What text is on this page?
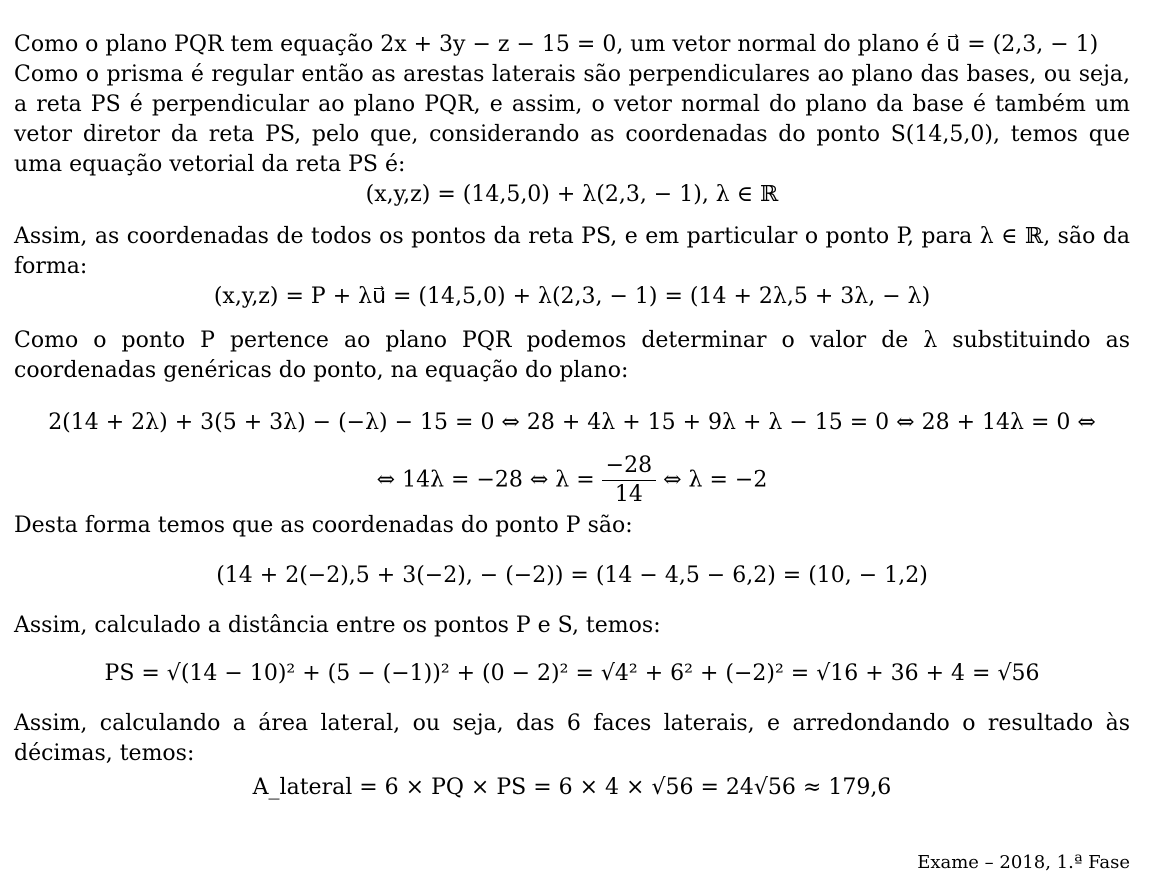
Como o plano PQR tem equação 2x + 3y − z − 15 = 0, um vetor normal do plano é u⃗ = (2,3, − 1)

Como o prisma é regular então as arestas laterais são perpendiculares ao plano das bases, ou seja, a reta PS é perpendicular ao plano PQR, e assim, o vetor normal do plano da base é também um vetor diretor da reta PS, pelo que, considerando as coordenadas do ponto S(14,5,0), temos que uma equação vetorial da reta PS é:

(x,y,z) = (14,5,0) + λ(2,3, − 1), λ ∈ ℝ

Assim, as coordenadas de todos os pontos da reta PS, e em particular o ponto P, para λ ∈ ℝ, são da forma:

(x,y,z) = P + λu⃗ = (14,5,0) + λ(2,3, − 1) = (14 + 2λ,5 + 3λ, − λ)

Como o ponto P pertence ao plano PQR podemos determinar o valor de λ substituindo as coordenadas genéricas do ponto, na equação do plano:

2(14 + 2λ) + 3(5 + 3λ) − (−λ) − 15 = 0 ⇔ 28 + 4λ + 15 + 9λ + λ − 15 = 0 ⇔ 28 + 14λ = 0 ⇔

⇔ 14λ = −28 ⇔ $\lambda = \frac{-28}{14}$ ⇔ λ = −2

Desta forma temos que as coordenadas do ponto P são:

(14 + 2(−2),5 + 3(−2), − (−2)) = (14 − 4,5 − 6,2) = (10, − 1,2)

Assim, calculado a distância entre os pontos P e S, temos:

PS = √(14 − 10)² + (5 − (−1))² + (0 − 2)² = √4² + 6² + (−2)² = √16 + 36 + 4 = √56

Assim, calculando a área lateral, ou seja, das 6 faces laterais, e arredondando o resultado às décimas, temos:

A_lateral = 6 × PQ × PS = 6 × 4 × √56 = 24√56 ≈ 179,6

Exame – 2018, 1.ª Fase
